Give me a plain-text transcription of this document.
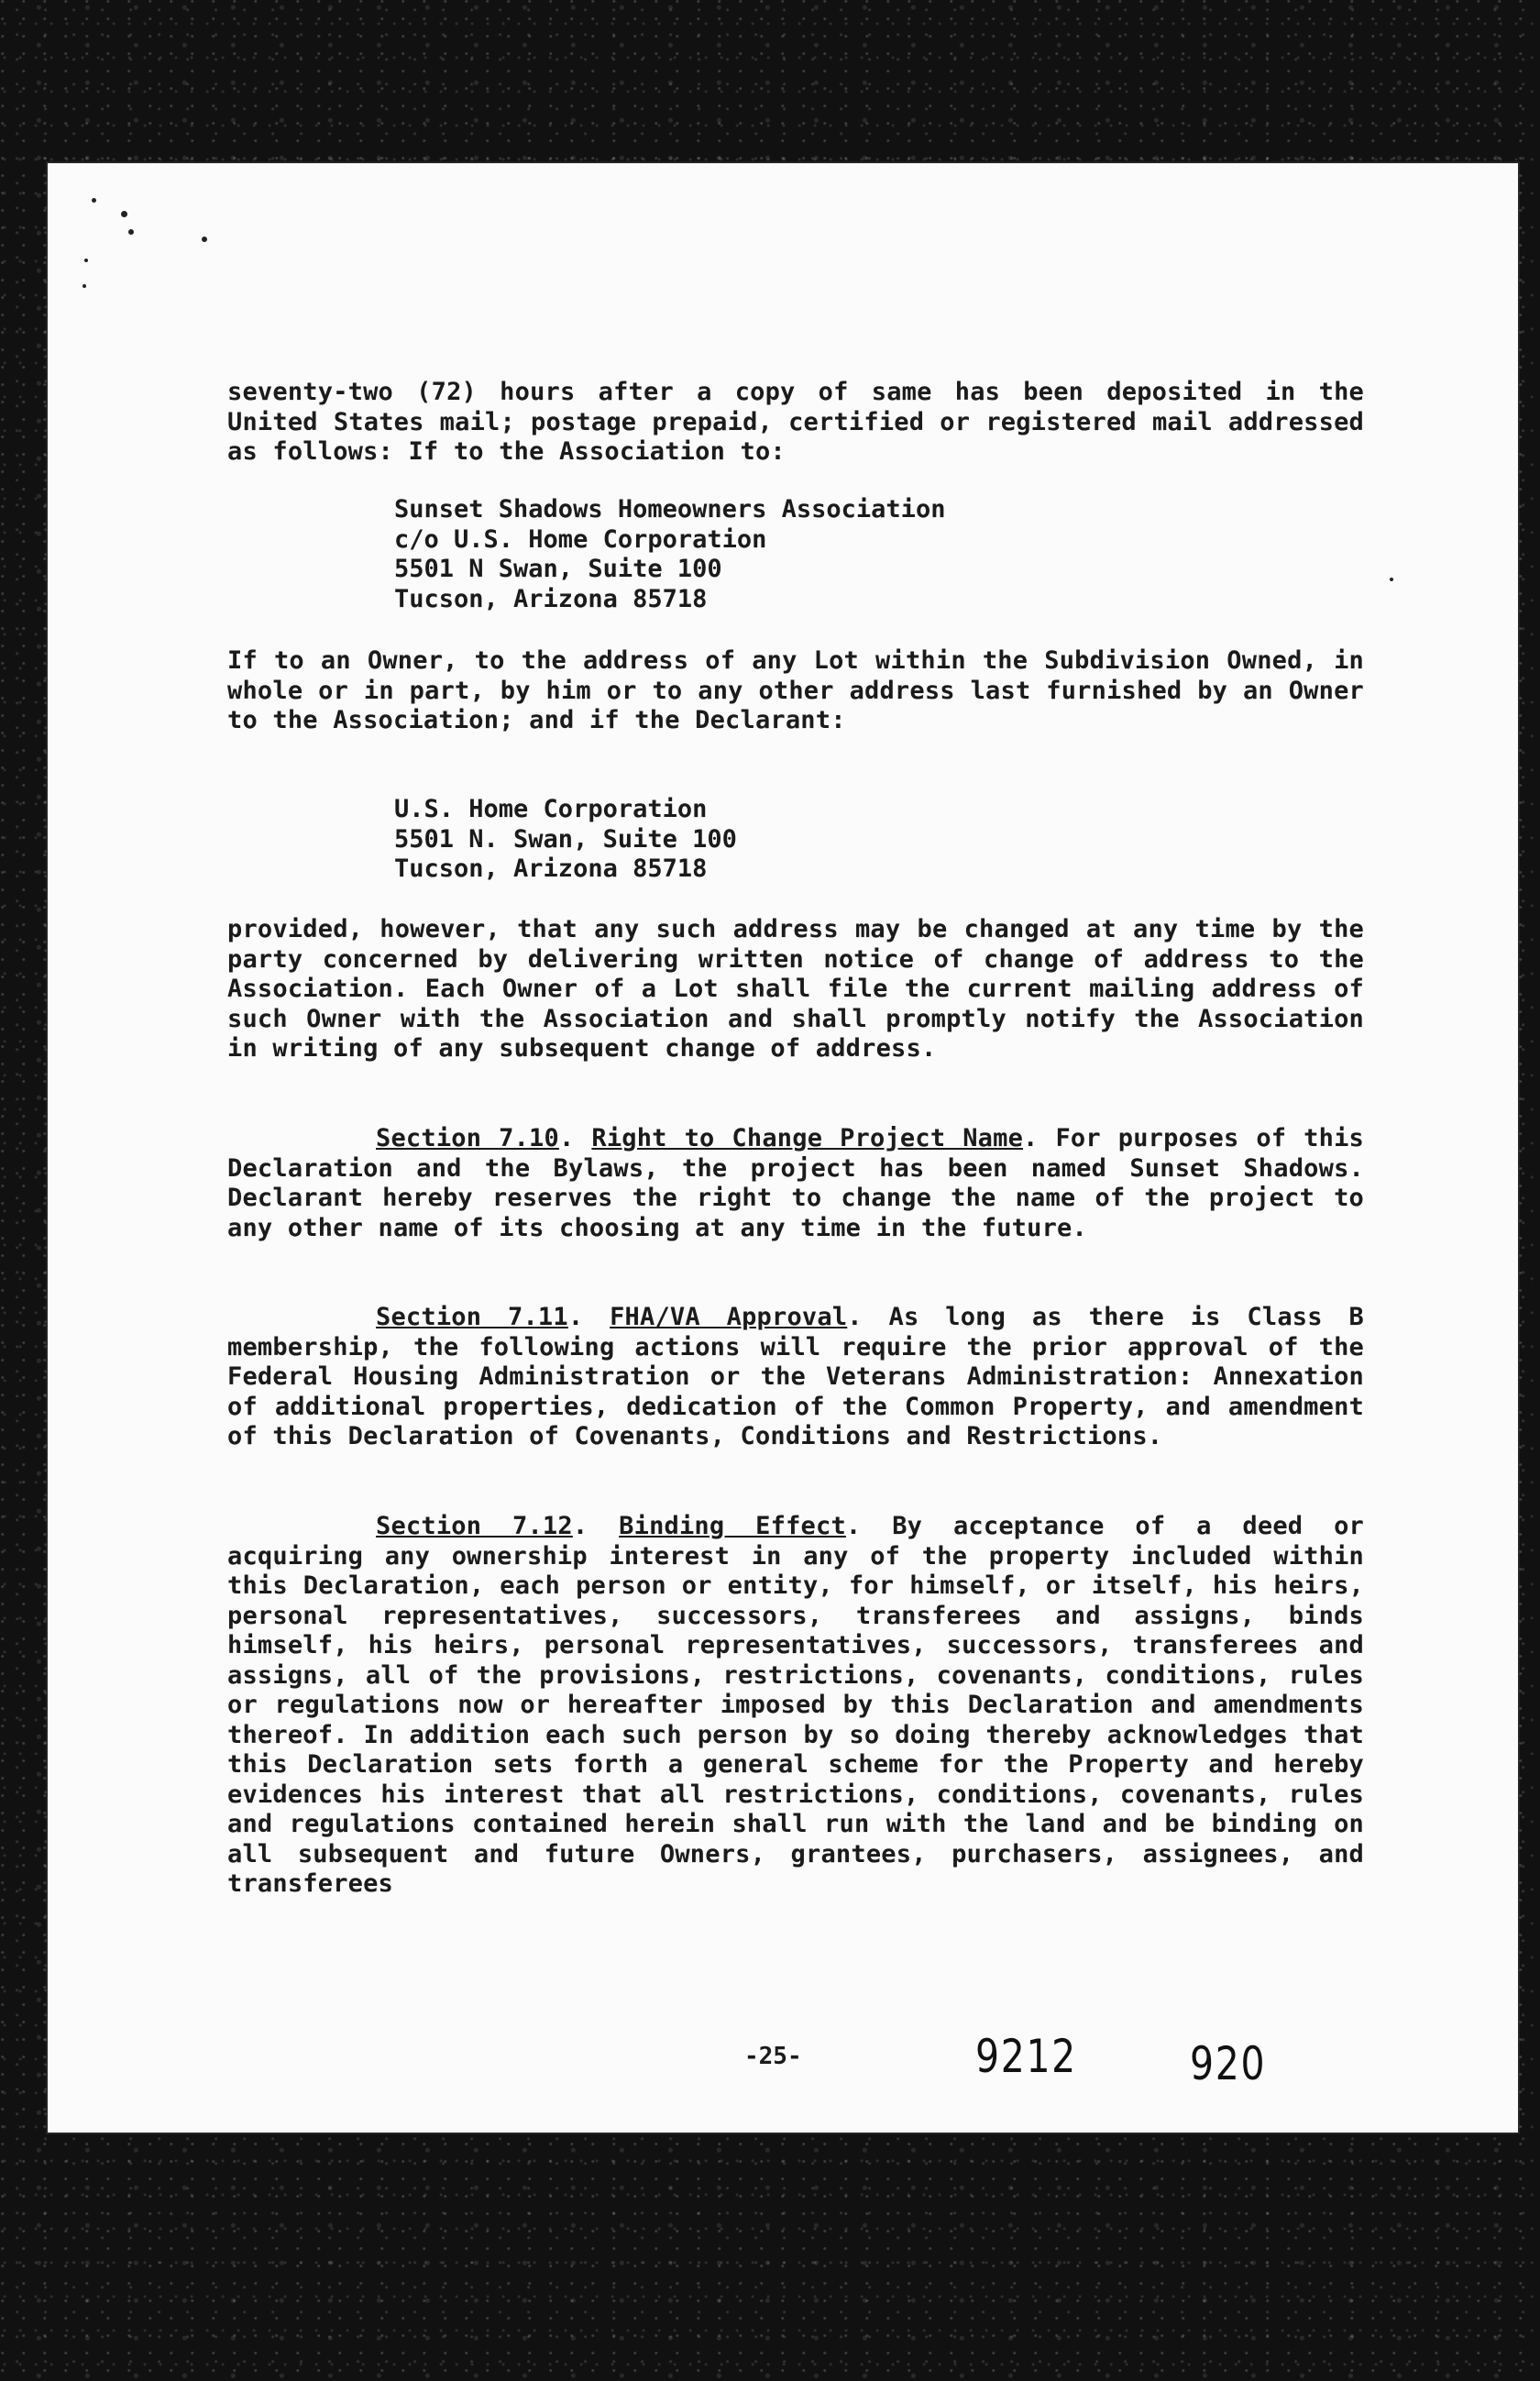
seventy-two (72) hours after a copy of same has been deposited in the United States mail; postage prepaid, certified or registered mail addressed as follows: If to the Association to:

Sunset Shadows Homeowners Association
c/o U.S. Home Corporation
5501 N Swan, Suite 100
Tucson, Arizona 85718

If to an Owner, to the address of any Lot within the Subdivision Owned, in whole or in part, by him or to any other address last furnished by an Owner to the Association; and if the Declarant:

U.S. Home Corporation
5501 N. Swan, Suite 100
Tucson, Arizona 85718

provided, however, that any such address may be changed at any time by the party concerned by delivering written notice of change of address to the Association. Each Owner of a Lot shall file the current mailing address of such Owner with the Association and shall promptly notify the Association in writing of any subsequent change of address.

Section 7.10. Right to Change Project Name. For purposes of this Declaration and the Bylaws, the project has been named Sunset Shadows. Declarant hereby reserves the right to change the name of the project to any other name of its choosing at any time in the future.

Section 7.11. FHA/VA Approval. As long as there is Class B membership, the following actions will require the prior approval of the Federal Housing Administration or the Veterans Administration: Annexation of additional properties, dedication of the Common Property, and amendment of this Declaration of Covenants, Conditions and Restrictions.

Section 7.12. Binding Effect. By acceptance of a deed or acquiring any ownership interest in any of the property included within this Declaration, each person or entity, for himself, or itself, his heirs, personal representatives, successors, transferees and assigns, binds himself, his heirs, personal representatives, successors, transferees and assigns, all of the provisions, restrictions, covenants, conditions, rules or regulations now or hereafter imposed by this Declaration and amendments thereof. In addition each such person by so doing thereby acknowledges that this Declaration sets forth a general scheme for the Property and hereby evidences his interest that all restrictions, conditions, covenants, rules and regulations contained herein shall run with the land and be binding on all subsequent and future Owners, grantees, purchasers, assignees, and transferees

-25-	9212 920
